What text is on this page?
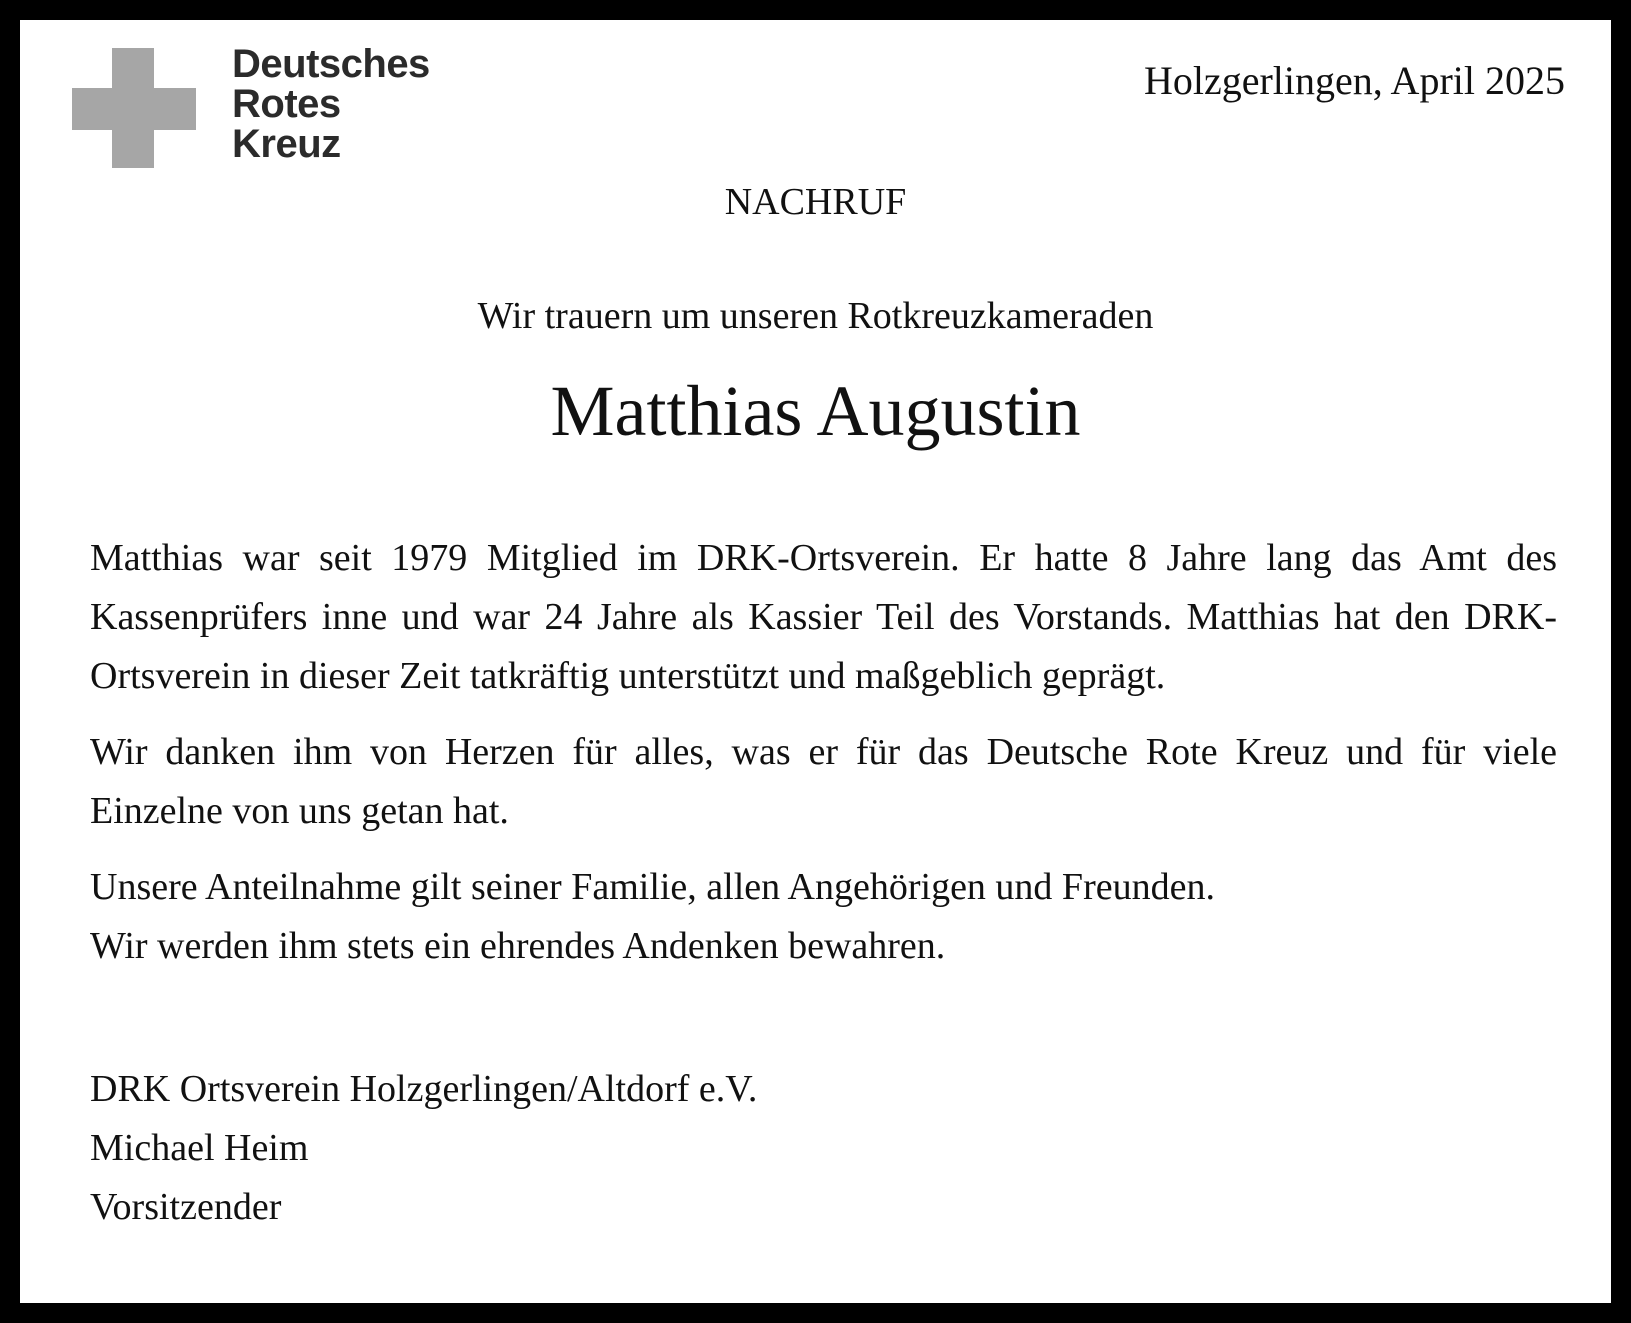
Deutsches
Rotes
Kreuz
Holzgerlingen, April 2025
NACHRUF
Wir trauern um unseren Rotkreuzkameraden
Matthias Augustin

Matthias war seit 1979 Mitglied im DRK-Ortsverein. Er hatte 8 Jahre lang das Amt des Kassenprüfers inne und war 24 Jahre als Kassier Teil des Vorstands. Matthias hat den DRK-Ortsverein in dieser Zeit tatkräftig unterstützt und maßgeblich geprägt.

Wir danken ihm von Herzen für alles, was er für das Deutsche Rote Kreuz und für viele Einzelne von uns getan hat.

Unsere Anteilnahme gilt seiner Familie, allen Angehörigen und Freunden.

Wir werden ihm stets ein ehrendes Andenken bewahren.

DRK Ortsverein Holzgerlingen/Altdorf e.V.
Michael Heim
Vorsitzender
